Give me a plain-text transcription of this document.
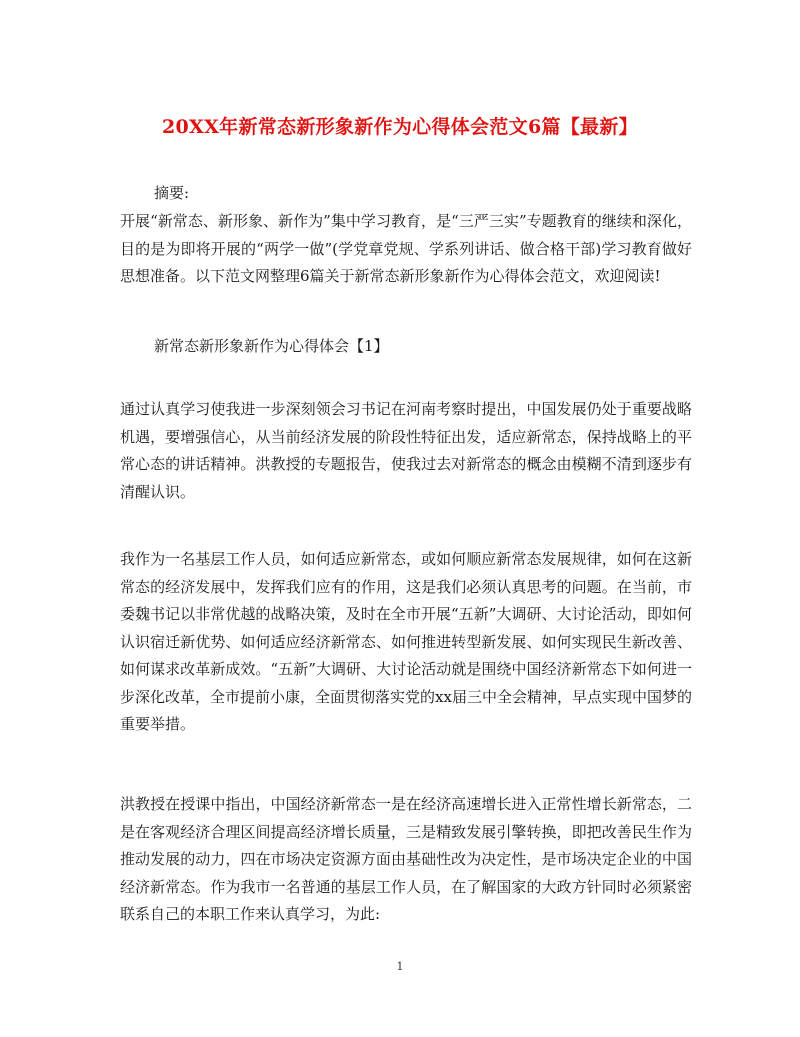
20XX年新常态新形象新作为心得体会范文6篇【最新】
摘要:
开展“新常态、新形象、新作为”集中学习教育，是“三严三实”专题教育的继续和深化，目的是为即将开展的“两学一做”(学党章党规、学系列讲话、做合格干部)学习教育做好思想准备。以下范文网整理6篇关于新常态新形象新作为心得体会范文，欢迎阅读!
新常态新形象新作为心得体会【1】
通过认真学习使我进一步深刻领会习书记在河南考察时提出，中国发展仍处于重要战略机遇，要增强信心，从当前经济发展的阶段性特征出发，适应新常态，保持战略上的平常心态的讲话精神。洪教授的专题报告，使我过去对新常态的概念由模糊不清到逐步有清醒认识。
我作为一名基层工作人员，如何适应新常态，或如何顺应新常态发展规律，如何在这新常态的经济发展中，发挥我们应有的作用，这是我们必须认真思考的问题。在当前，市委魏书记以非常优越的战略决策，及时在全市开展“五新”大调研、大讨论活动，即如何认识宿迁新优势、如何适应经济新常态、如何推进转型新发展、如何实现民生新改善、如何谋求改革新成效。“五新”大调研、大讨论活动就是围绕中国经济新常态下如何进一步深化改革，全市提前小康，全面贯彻落实党的xx届三中全会精神，早点实现中国梦的重要举措。
洪教授在授课中指出，中国经济新常态一是在经济高速增长进入正常性增长新常态，二是在客观经济合理区间提高经济增长质量，三是精致发展引擎转换，即把改善民生作为推动发展的动力，四在市场决定资源方面由基础性改为决定性，是市场决定企业的中国经济新常态。作为我市一名普通的基层工作人员，在了解国家的大政方针同时必须紧密联系自己的本职工作来认真学习，为此:
1
